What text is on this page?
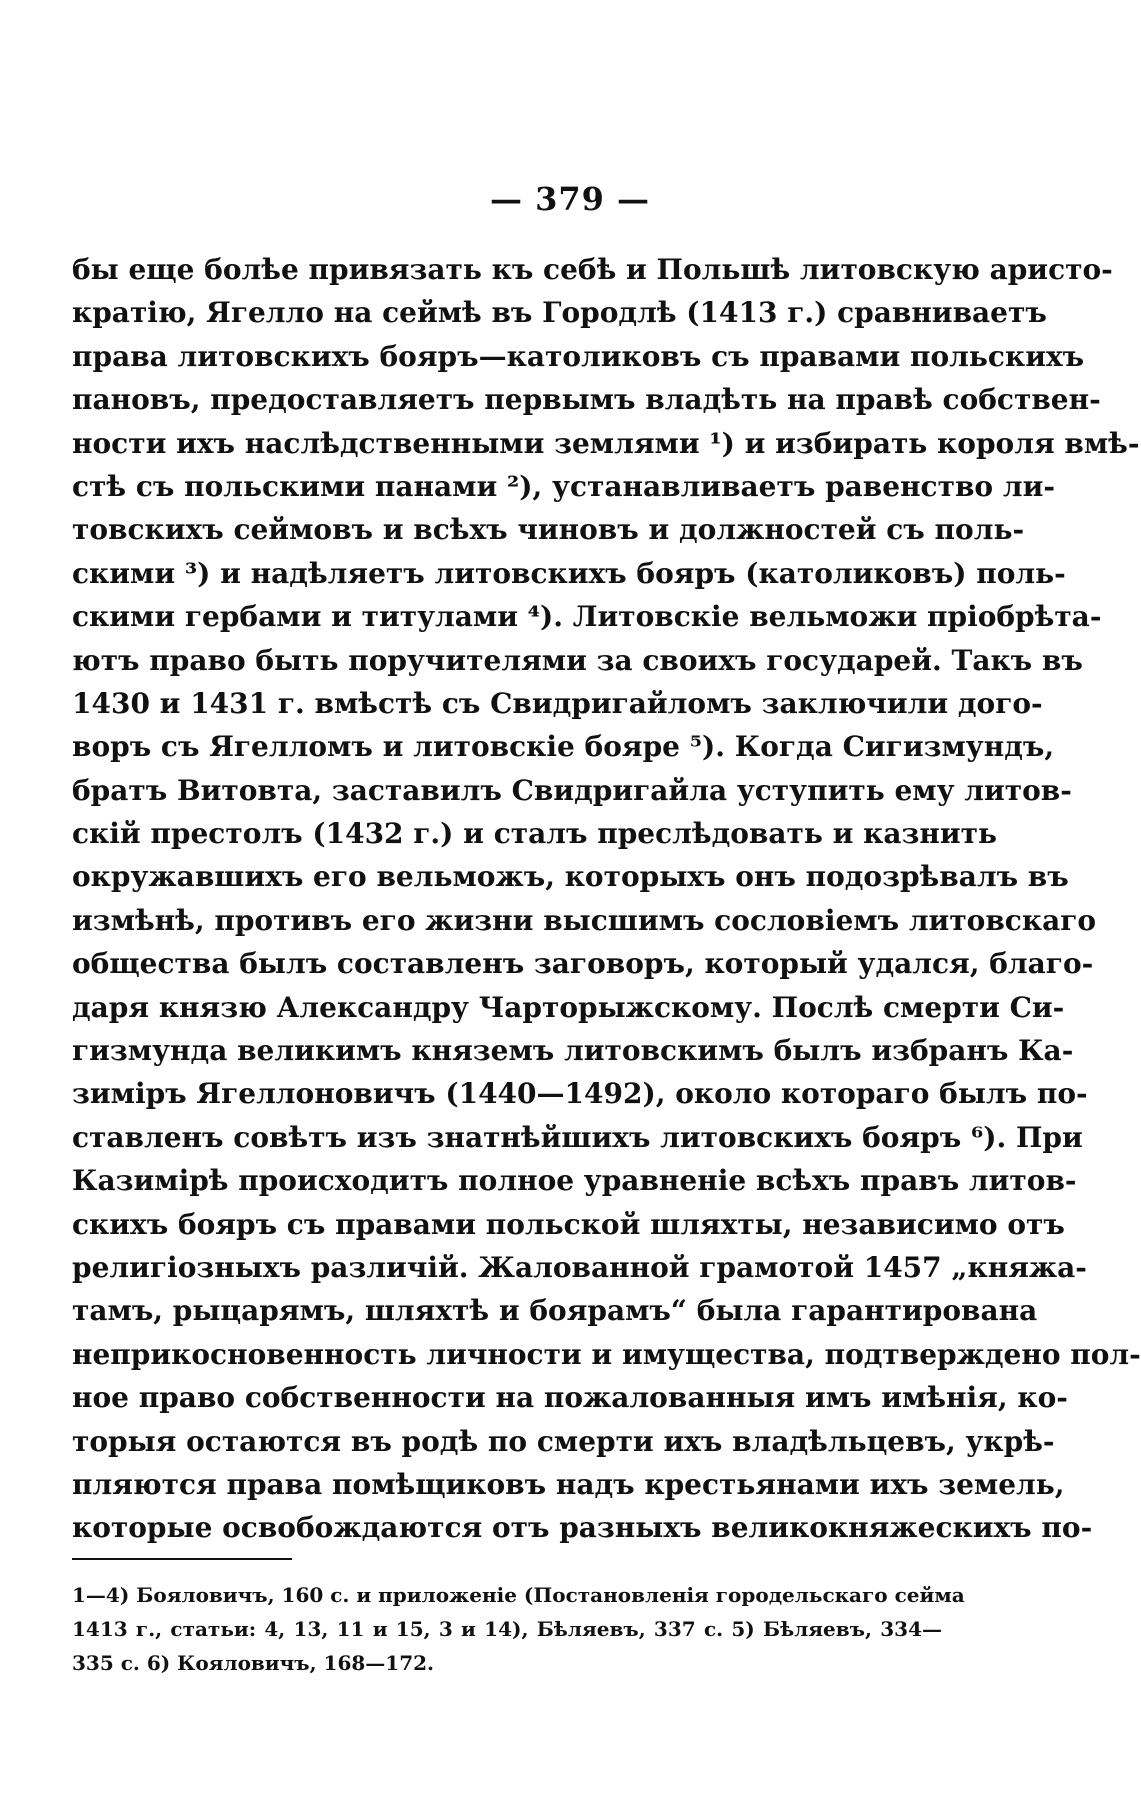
— 379 —
бы еще болѣе привязать къ себѣ и Польшѣ литовскую аристо-
кратію, Ягелло на сеймѣ въ Городлѣ (1413 г.) сравниваетъ
права литовскихъ бояръ—католиковъ съ правами польскихъ
пановъ, предоставляетъ первымъ владѣть на правѣ собствен-
ности ихъ наслѣдственными землями ¹) и избирать короля вмѣ-
стѣ съ польскими панами ²), устанавливаетъ равенство ли-
товскихъ сеймовъ и всѣхъ чиновъ и должностей съ поль-
скими ³) и надѣляетъ литовскихъ бояръ (католиковъ) поль-
скими гербами и титулами ⁴). Литовскіе вельможи пріобрѣта-
ютъ право быть поручителями за своихъ государей. Такъ въ
1430 и 1431 г. вмѣстѣ съ Свидригайломъ заключили дого-
воръ съ Ягелломъ и литовскіе бояре ⁵). Когда Сигизмундъ,
братъ Витовта, заставилъ Свидригайла уступить ему литов-
скій престолъ (1432 г.) и сталъ преслѣдовать и казнить
окружавшихъ его вельможъ, которыхъ онъ подозрѣвалъ въ
измѣнѣ, противъ его жизни высшимъ сословіемъ литовскаго
общества былъ составленъ заговоръ, который удался, благо-
даря князю Александру Чарторыжскому. Послѣ смерти Си-
гизмунда великимъ княземъ литовскимъ былъ избранъ Ка-
зиміръ Ягеллоновичъ (1440—1492), около котораго былъ по-
ставленъ совѣтъ изъ знатнѣйшихъ литовскихъ бояръ ⁶). При
Казимірѣ происходитъ полное уравненіе всѣхъ правъ литов-
скихъ бояръ съ правами польской шляхты, независимо отъ
религіозныхъ различій. Жалованной грамотой 1457 „княжа-
тамъ, рыцарямъ, шляхтѣ и боярамъ“ была гарантирована
неприкосновенность личности и имущества, подтверждено пол-
ное право собственности на пожалованныя имъ имѣнія, ко-
торыя остаются въ родѣ по смерти ихъ владѣльцевъ, укрѣ-
пляются права помѣщиковъ надъ крестьянами ихъ земель,
которые освобождаются отъ разныхъ великокняжескихъ по-
1—4) Бояловичъ, 160 с. и приложеніе (Постановленія городельскаго сейма
1413 г., статьи: 4, 13, 11 и 15, 3 и 14), Бѣляевъ, 337 с. 5) Бѣляевъ, 334—
335 с. 6) Кояловичъ, 168—172.
